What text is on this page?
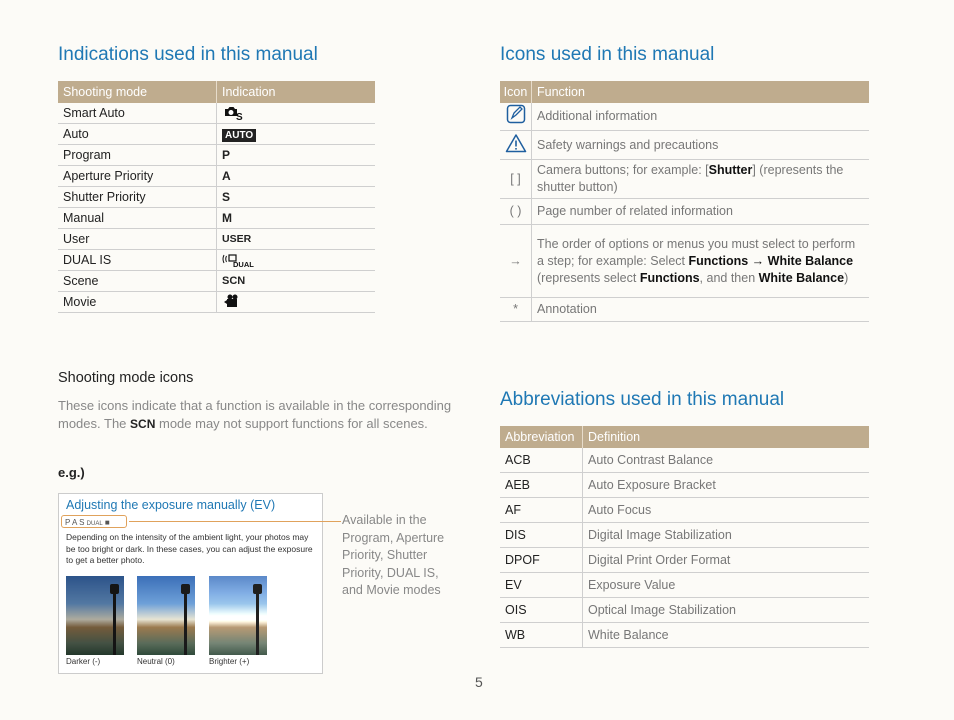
Indications used in this manual
Shooting mode	Indication
Smart Auto	S

Auto	AUTO
Program	P
Aperture Priority	A
Shutter Priority	S
Manual	M
User	USER
DUAL IS	DUAL

Scene	SCN
Movie	
Shooting mode icons
These icons indicate that a function is available in the corresponding modes. The SCN mode may not support functions for all scenes.
e.g.)
Adjusting the exposure manually (EV)
P A S DUAL ■
Depending on the intensity of the ambient light, your photos may be too bright or dark. In these cases, you can adjust the exposure to get a better photo.
Darker (-)	Neutral (0)	Brighter (+)
Available in the Program, Aperture Priority, Shutter Priority, DUAL IS, and Movie modes
Icons used in this manual
Icon	Function
	Additional information
	Safety warnings and precautions
[ ]	Camera buttons; for example: [Shutter] (represents the shutter button)
( )	Page number of related information
→	The order of options or menus you must select to perform a step; for example: Select Functions → White Balance (represents select Functions, and then White Balance)
*	Annotation
Abbreviations used in this manual
Abbreviation	Definition
ACB	Auto Contrast Balance
AEB	Auto Exposure Bracket
AF	Auto Focus
DIS	Digital Image Stabilization
DPOF	Digital Print Order Format
EV	Exposure Value
OIS	Optical Image Stabilization
WB	White Balance
5
